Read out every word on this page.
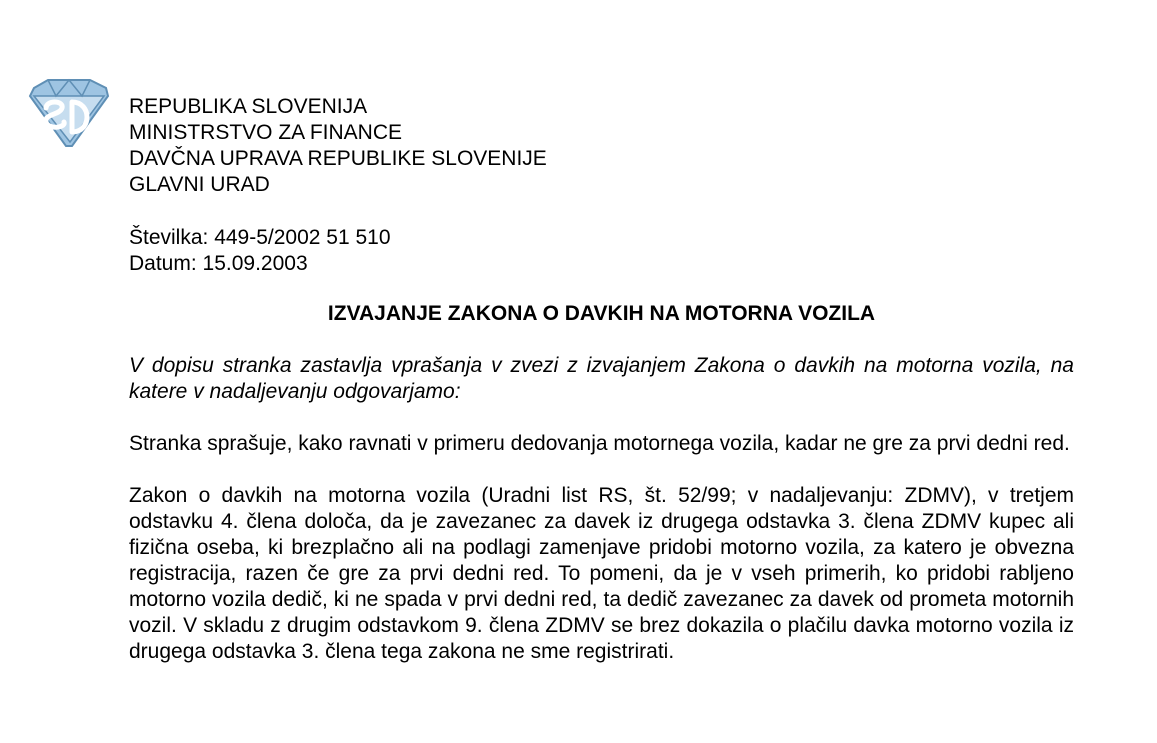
REPUBLIKA SLOVENIJA

MINISTRSTVO ZA FINANCE

DAVČNA UPRAVA REPUBLIKE SLOVENIJE

GLAVNI URAD

Številka: 449-5/2002 51 510

Datum: 15.09.2003

IZVAJANJE ZAKONA O DAVKIH NA MOTORNA VOZILA

V dopisu stranka zastavlja vprašanja v zvezi z izvajanjem Zakona o davkih na motorna vozila, na katere v nadaljevanju odgovarjamo:

Stranka sprašuje, kako ravnati v primeru dedovanja motornega vozila, kadar ne gre za prvi dedni red.

Zakon o davkih na motorna vozila (Uradni list RS, št. 52/99; v nadaljevanju: ZDMV), v tretjem odstavku 4. člena določa, da je zavezanec za davek iz drugega odstavka 3. člena ZDMV kupec ali fizična oseba, ki brezplačno ali na podlagi zamenjave pridobi motorno vozila, za katero je obvezna registracija, razen če gre za prvi dedni red. To pomeni, da je v vseh primerih, ko pridobi rabljeno motorno vozila dedič, ki ne spada v prvi dedni red, ta dedič zavezanec za davek od prometa motornih vozil. V skladu z drugim odstavkom 9. člena ZDMV se brez dokazila o plačilu davka motorno vozila iz drugega odstavka 3. člena tega zakona ne sme registrirati.
